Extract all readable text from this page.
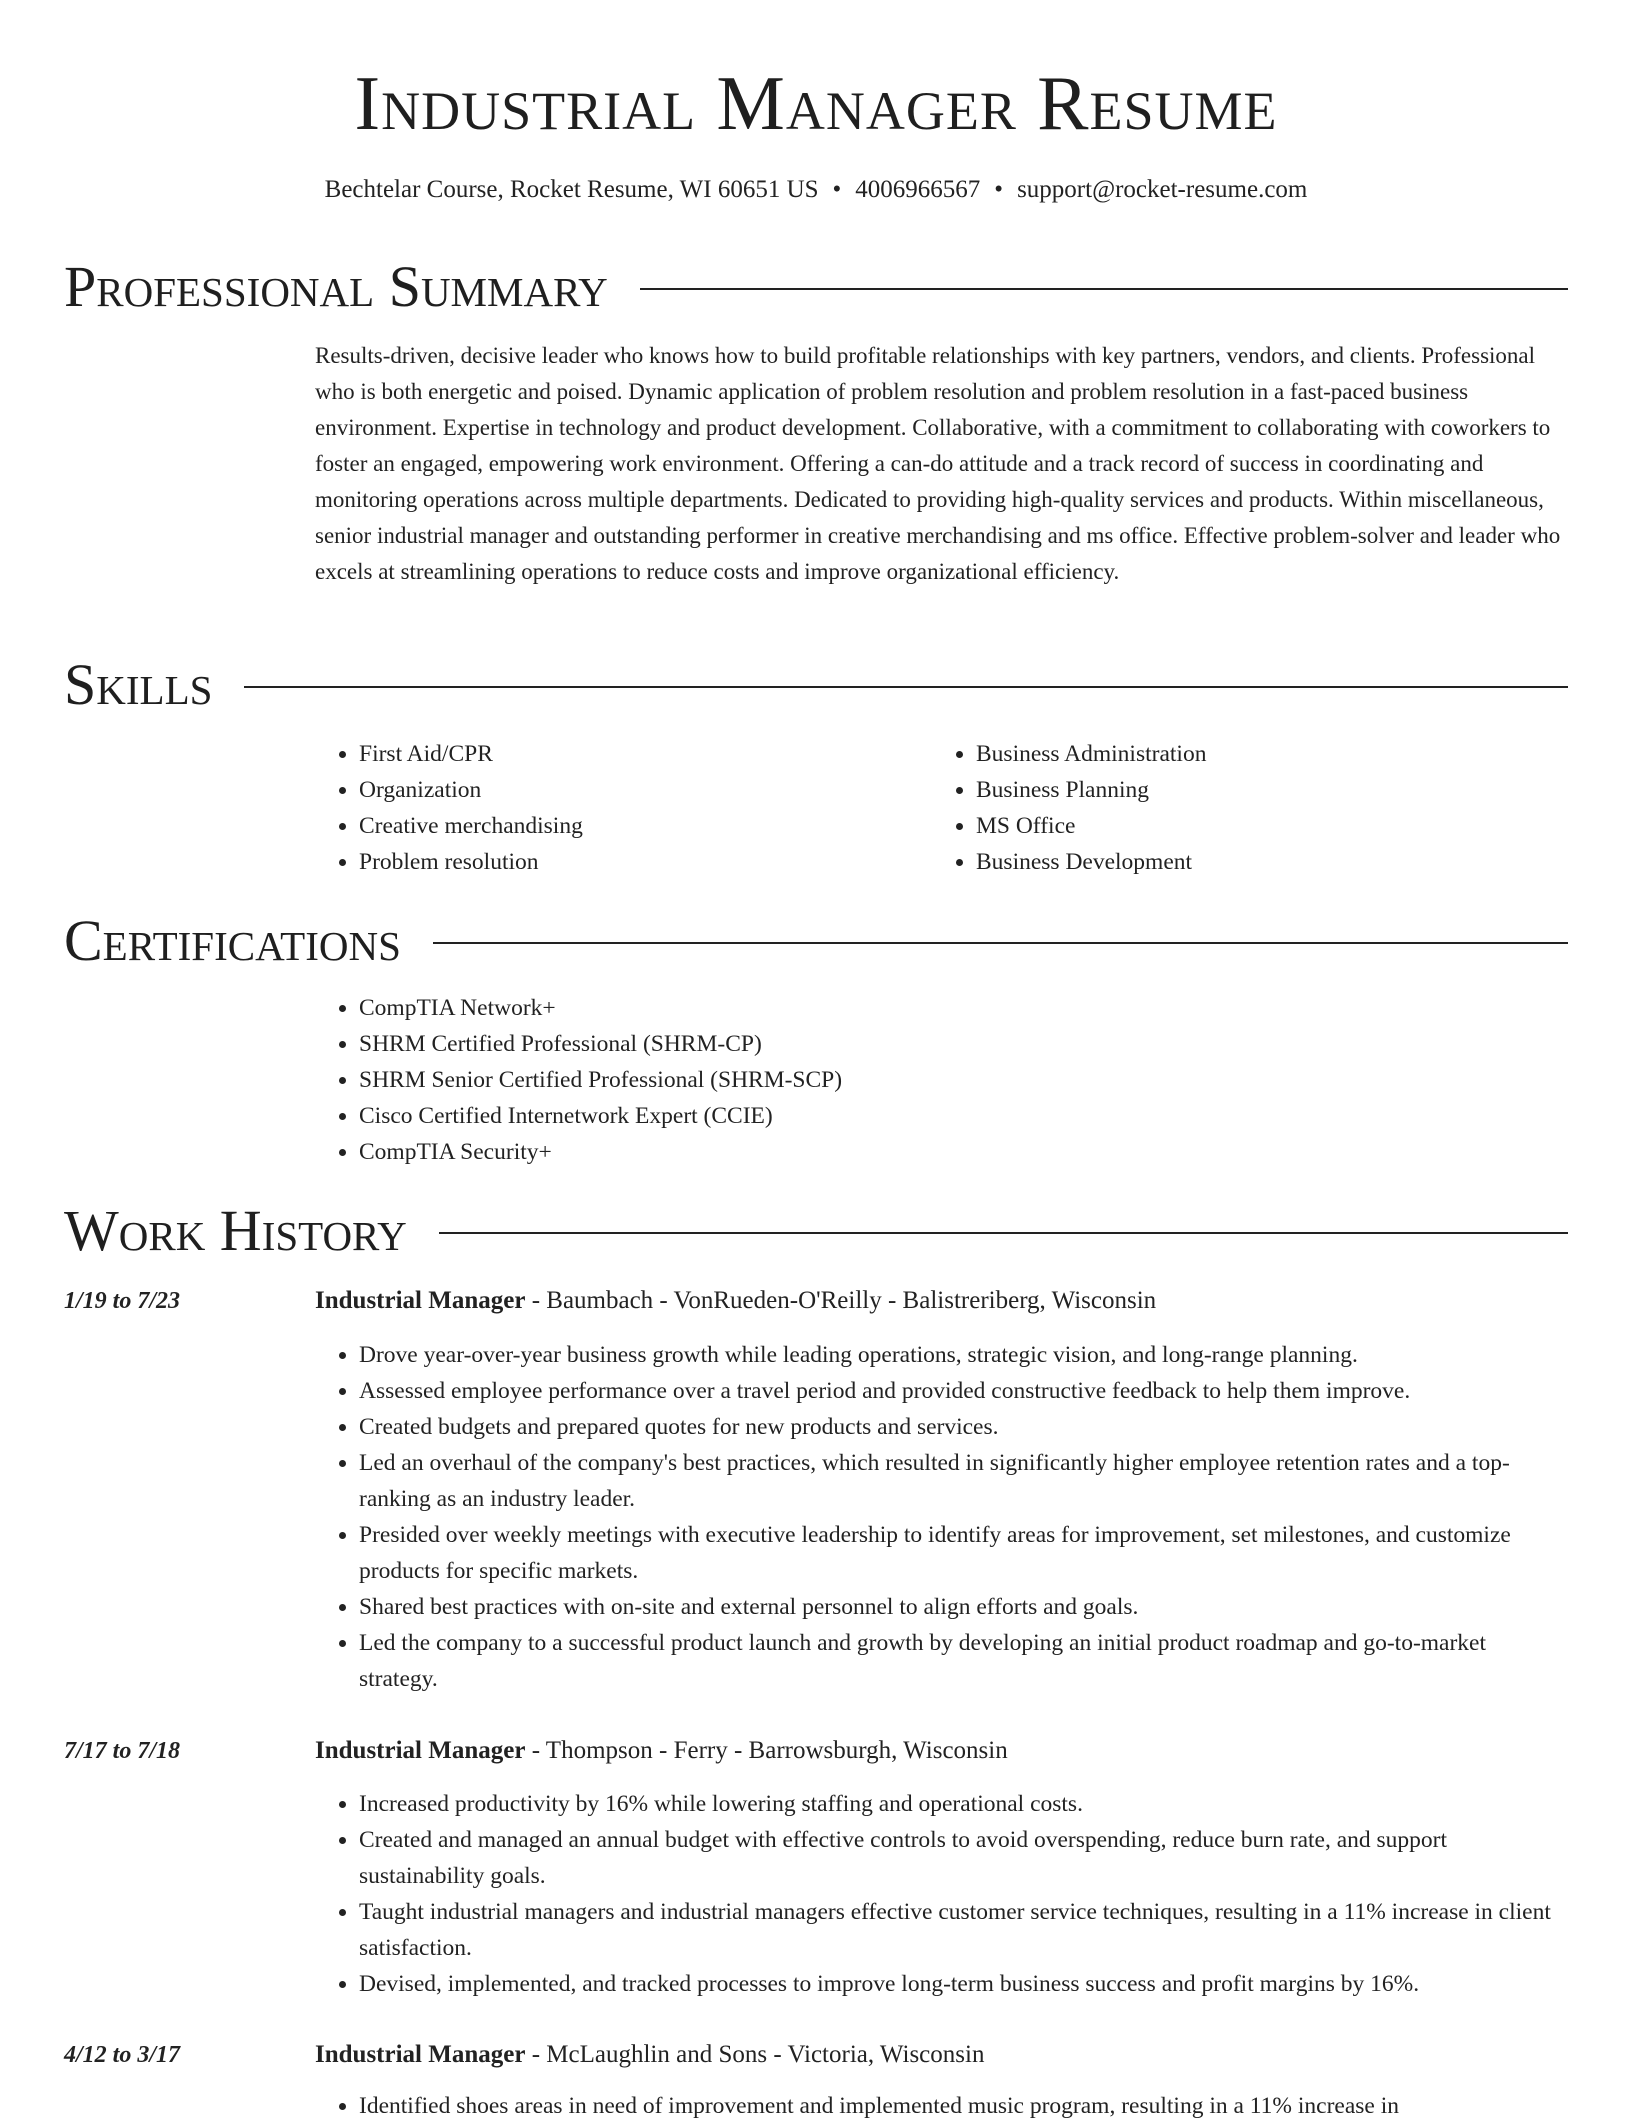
Industrial Manager Resume
Bechtelar Course, Rocket Resume, WI 60651 US • 4006966567 • support@rocket-resume.com
Professional Summary

Results-driven, decisive leader who knows how to build profitable relationships with key partners, vendors, and clients. Professional who is both energetic and poised. Dynamic application of problem resolution and problem resolution in a fast-paced business environment. Expertise in technology and product development. Collaborative, with a commitment to collaborating with coworkers to foster an engaged, empowering work environment. Offering a can-do attitude and a track record of success in coordinating and monitoring operations across multiple departments. Dedicated to providing high-quality services and products. Within miscellaneous, senior industrial manager and outstanding performer in creative merchandising and ms office. Effective problem-solver and leader who excels at streamlining operations to reduce costs and improve organizational efficiency.

Skills
• First Aid/CPR
• Organization
• Creative merchandising
• Problem resolution
• Business Administration
• Business Planning
• MS Office
• Business Development
Certifications
• CompTIA Network+
• SHRM Certified Professional (SHRM-CP)
• SHRM Senior Certified Professional (SHRM-SCP)
• Cisco Certified Internetwork Expert (CCIE)
• CompTIA Security+
Work History
1/19 to 7/23	Industrial Manager - Baumbach - VonRueden-O'Reilly - Balistreriberg, Wisconsin
• Drove year-over-year business growth while leading operations, strategic vision, and long-range planning.
• Assessed employee performance over a travel period and provided constructive feedback to help them improve.
• Created budgets and prepared quotes for new products and services.
• Led an overhaul of the company's best practices, which resulted in significantly higher employee retention rates and a top-ranking as an industry leader.
• Presided over weekly meetings with executive leadership to identify areas for improvement, set milestones, and customize products for specific markets.
• Shared best practices with on-site and external personnel to align efforts and goals.
• Led the company to a successful product launch and growth by developing an initial product roadmap and go-to-market strategy.
7/17 to 7/18	Industrial Manager - Thompson - Ferry - Barrowsburgh, Wisconsin
• Increased productivity by 16% while lowering staffing and operational costs.
• Created and managed an annual budget with effective controls to avoid overspending, reduce burn rate, and support sustainability goals.
• Taught industrial managers and industrial managers effective customer service techniques, resulting in a 11% increase in client satisfaction.
• Devised, implemented, and tracked processes to improve long-term business success and profit margins by 16%.
4/12 to 3/17	Industrial Manager - McLaughlin and Sons - Victoria, Wisconsin
• Identified shoes areas in need of improvement and implemented music program, resulting in a 11% increase in
